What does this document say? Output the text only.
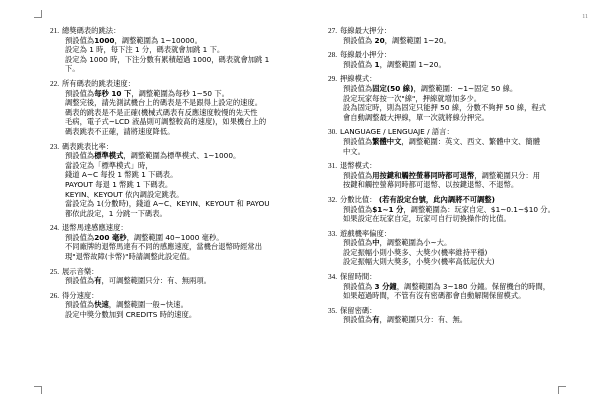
11
21. 總獎碼表的跳法：
預設值為1000，調整範圍為 1~10000。
設定為 1 時，每下注 1 分，碼表就會加跳 1 下。
設定為 1000 時，下注分數有累積超過 1000，碼表就會加跳 1
下。
22. 所有碼表的跳表速度：
預設值為每秒 10 下，調整範圍為每秒 1~50 下。
調整完後，請先測試機台上的碼表是不是跟得上設定的速度。
碼表的跳表是不是正確(機械式碼表有反應速度較慢的先天性
毛病，電子式~LCD 液晶則可調整較高的速度)，如果機台上的
碼表跳表不正確，請將速度降低。
23. 碼表跳表比率：
預設值為標準模式，調整範圍為標準模式、1~1000。
當設定為「標準模式」時，
錢道 A~C 每投 1 幣跳 1 下碼表。
PAYOUT 每退 1 幣跳 1 下碼表。
KEYIN、KEYOUT 依內調設定跳表。
當設定為 1(分數時)，錢道 A~C、KEYIN、KEYOUT 和 PAYOU
都依此設定，1 分跳一下碼表。
24. 退幣馬達感應速度：
預設值為200 毫秒，調整範圍 40~1000 毫秒。
不同廠牌的退幣馬達有不同的感應速度，當機台退幣時經常出
現"退幣故障(卡幣)"時請調整此設定值。
25. 展示音樂：
預設值為有，可調整範圍只分：有、無兩項。
26. 得分速度：
預設值為快速，調整範圍一般~快速。
設定中獎分數加到 CREDITS 時的速度。
27. 每線最大押分：
預設值為 20，調整範圍 1~20。
28. 每線最小押分：
預設值為 1，調整範圍 1~20。
29. 押線模式：
預設值為固定(50 線)，調整範圍：~1~固定 50 線。
設定玩家每按一次"線"，押線就增加多少。
設為固定時，則為固定只能押 50 線，分數不夠押 50 線，程式
會自動調整最大押線，單一次就將線分押完。
30. LANGUAGE / LENGUAJE / 語言：
預設值為繁體中文，調整範圍：英文、西文、繁體中文、簡體
中文。
31. 退幣模式：
預設值為用按鍵和觸控螢幕同時都可退幣，調整範圍只分：用
按鍵和觸控螢幕同時都可退幣、以按鍵退幣、不退幣。
32. 分數比值： (若有設定台號，此內調將不可調整)
預設值為$1~1 分，調整範圍為：玩家自定、$1~0.1~$10 分。
如果設定在玩家自定，玩家可自行切換操作的比值。
33. 遊戲機率偏度：
預設值為中，調整範圍為小~大。
設定振幅小則小獎多、大獎少(機率維持平穩)
設定振幅大則大獎多，小獎少(機率高低起伏大)
34. 保留時間：
預設值為 3 分鐘，調整範圍為 3~180 分鐘。保留機台的時間，
如果超過時間，不管有沒有密碼都會自動解開保留模式。
35. 保留密碼：
預設值為有，調整範圍只分：有、無。
